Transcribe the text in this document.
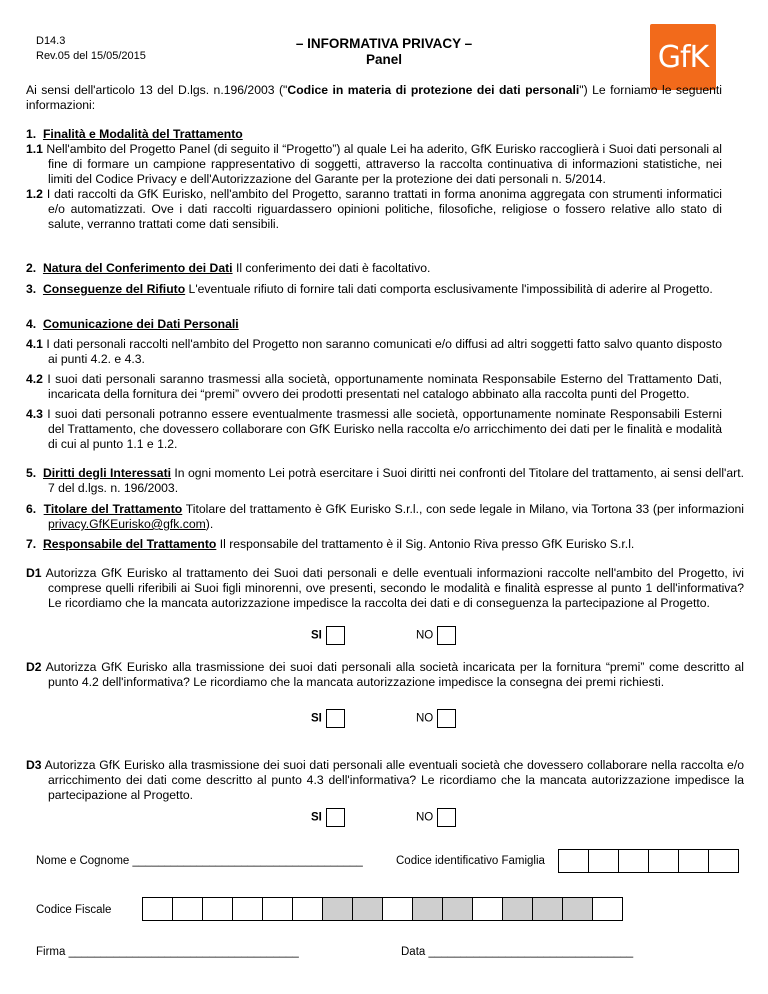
D14.3
Rev.05 del 15/05/2015
– INFORMATIVA PRIVACY –
Panel	GfK
Ai sensi dell'articolo 13 del D.lgs. n.196/2003 ("Codice in materia di protezione dei dati personali") Le forniamo le seguenti informazioni:
1. Finalità e Modalità del Trattamento
1.1 Nell'ambito del Progetto Panel (di seguito il “Progetto”) al quale Lei ha aderito, GfK Eurisko raccoglierà i Suoi dati personali al fine di formare un campione rappresentativo di soggetti, attraverso la raccolta continuativa di informazioni statistiche, nei limiti del Codice Privacy e dell'Autorizzazione del Garante per la protezione dei dati personali n. 5/2014.
1.2 I dati raccolti da GfK Eurisko, nell'ambito del Progetto, saranno trattati in forma anonima aggregata con strumenti informatici e/o automatizzati. Ove i dati raccolti riguardassero opinioni politiche, filosofiche, religiose o fossero relative allo stato di salute, verranno trattati come dati sensibili.
2. Natura del Conferimento dei Dati Il conferimento dei dati è facoltativo.
3. Conseguenze del Rifiuto L'eventuale rifiuto di fornire tali dati comporta esclusivamente l'impossibilità di aderire al Progetto.
4. Comunicazione dei Dati Personali
4.1 I dati personali raccolti nell'ambito del Progetto non saranno comunicati e/o diffusi ad altri soggetti fatto salvo quanto disposto ai punti 4.2. e 4.3.
4.2 I suoi dati personali saranno trasmessi alla società, opportunamente nominata Responsabile Esterno del Trattamento Dati, incaricata della fornitura dei “premi” ovvero dei prodotti presentati nel catalogo abbinato alla raccolta punti del Progetto.
4.3 I suoi dati personali potranno essere eventualmente trasmessi alle società, opportunamente nominate Responsabili Esterni del Trattamento, che dovessero collaborare con GfK Eurisko nella raccolta e/o arricchimento dei dati per le finalità e modalità di cui al punto 1.1 e 1.2.
5. Diritti degli Interessati In ogni momento Lei potrà esercitare i Suoi diritti nei confronti del Titolare del trattamento, ai sensi dell'art. 7 del d.lgs. n. 196/2003.
6. Titolare del Trattamento Titolare del trattamento è GfK Eurisko S.r.l., con sede legale in Milano, via Tortona 33 (per informazioni privacy.GfKEurisko@gfk.com).
7. Responsabile del Trattamento Il responsabile del trattamento è il Sig. Antonio Riva presso GfK Eurisko S.r.l.
D1 Autorizza GfK Eurisko al trattamento dei Suoi dati personali e delle eventuali informazioni raccolte nell'ambito del Progetto, ivi comprese quelli riferibili ai Suoi figli minorenni, ove presenti, secondo le modalità e finalità espresse al punto 1 dell'informativa? Le ricordiamo che la mancata autorizzazione impedisce la raccolta dei dati e di conseguenza la partecipazione al Progetto.
SI	NO
D2 Autorizza GfK Eurisko alla trasmissione dei suoi dati personali alla società incaricata per la fornitura “premi” come descritto al punto 4.2 dell'informativa? Le ricordiamo che la mancata autorizzazione impedisce la consegna dei premi richiesti.
SI	NO
D3 Autorizza GfK Eurisko alla trasmissione dei suoi dati personali alle eventuali società che dovessero collaborare nella raccolta e/o arricchimento dei dati come descritto al punto 4.3 dell'informativa? Le ricordiamo che la mancata autorizzazione impedisce la partecipazione al Progetto.
SI	NO
Nome e Cognome ____________________________________	Codice identificativo Famiglia
Codice Fiscale
Firma ____________________________________	Data ________________________________
